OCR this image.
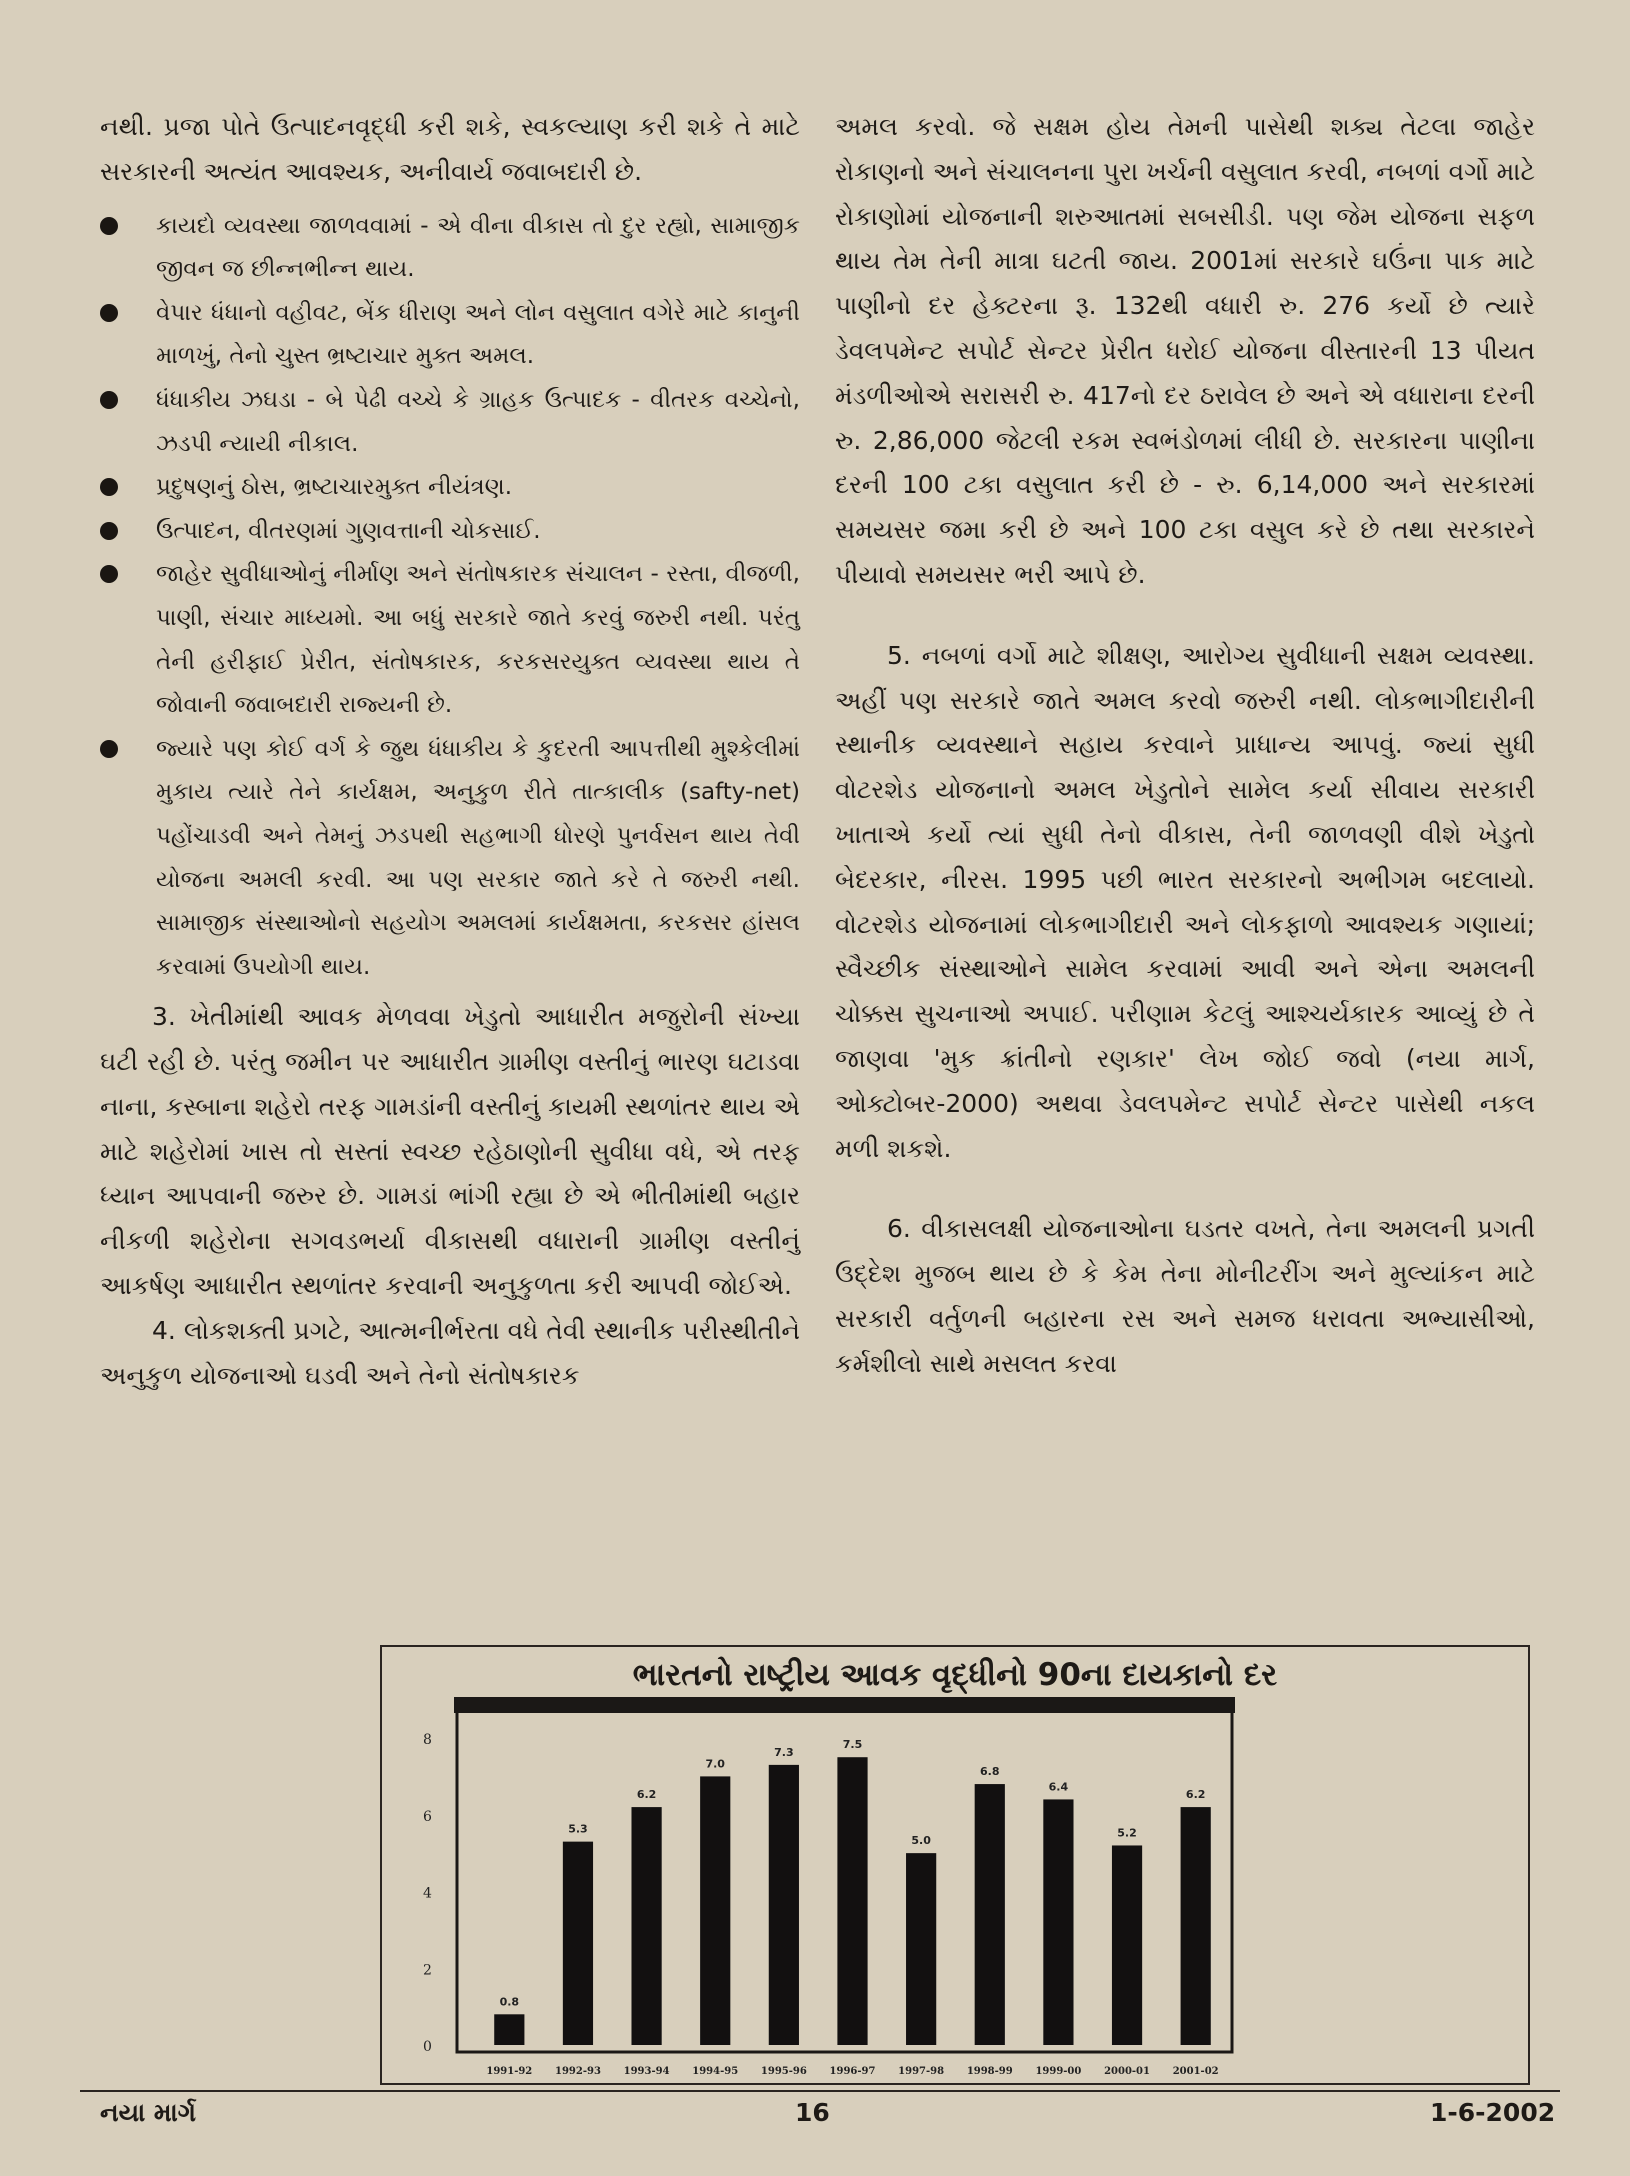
નથી. પ્રજા પોતે ઉત્પાદનવૃદ્ધી કરી શકે, સ્વકલ્યાણ કરી શકે તે માટે સરકારની અત્યંત આવશ્યક, અનીવાર્ય જવાબદારી છે.

કાયદો વ્યવસ્થા જાળવવામાં - એ વીના વીકાસ તો દુર રહ્યો, સામાજીક જીવન જ છીન્નભીન્ન થાય.
વેપાર ધંધાનો વહીવટ, બેંક ધીરાણ અને લોન વસુલાત વગેરે માટે કાનુની માળખું, તેનો ચુસ્ત ભ્રષ્ટાચાર મુક્ત અમલ.
ધંધાકીય ઝઘડા - બે પેઢી વચ્ચે કે ગ્રાહક ઉત્પાદક - વીતરક વચ્ચેનો, ઝડપી ન્યાયી નીકાલ.
પ્રદુષણનું ઠોસ, ભ્રષ્ટાચારમુક્ત નીયંત્રણ.
ઉત્પાદન, વીતરણમાં ગુણવત્તાની ચોકસાઈ.
જાહેર સુવીધાઓનું નીર્માણ અને સંતોષકારક સંચાલન - રસ્તા, વીજળી, પાણી, સંચાર માધ્યમો. આ બધું સરકારે જાતે કરવું જરુરી નથી. પરંતુ તેની હરીફાઈ પ્રેરીત, સંતોષકારક, કરકસરયુક્ત વ્યવસ્થા થાય તે જોવાની જવાબદારી રાજ્યની છે.
જ્યારે પણ કોઈ વર્ગ કે જુથ ધંધાકીય કે કુદરતી આપત્તીથી મુશ્કેલીમાં મુકાય ત્યારે તેને કાર્યક્ષમ, અનુકુળ રીતે તાત્કાલીક (safty-net) પહોંચાડવી અને તેમનું ઝડપથી સહભાગી ધોરણે પુનર્વસન થાય તેવી યોજના અમલી કરવી. આ પણ સરકાર જાતે કરે તે જરુરી નથી. સામાજીક સંસ્થાઓનો સહયોગ અમલમાં કાર્યક્ષમતા, કરકસર હાંસલ કરવામાં ઉપયોગી થાય.

3. ખેતીમાંથી આવક મેળવવા ખેડુતો આધારીત મજુરોની સંખ્યા ઘટી રહી છે. પરંતુ જમીન પર આધારીત ગ્રામીણ વસ્તીનું ભારણ ઘટાડવા નાના, કસ્બાના શહેરો તરફ ગામડાંની વસ્તીનું કાયમી સ્થળાંતર થાય એ માટે શહેરોમાં ખાસ તો સસ્તાં સ્વચ્છ રહેઠાણોની સુવીધા વધે, એ તરફ ધ્યાન આપવાની જરુર છે. ગામડાં ભાંગી રહ્યા છે એ ભીતીમાંથી બહાર નીકળી શહેરોના સગવડભર્યા વીકાસથી વધારાની ગ્રામીણ વસ્તીનું આકર્ષણ આધારીત સ્થળાંતર કરવાની અનુકુળતા કરી આપવી જોઈએ.

4. લોકશક્તી પ્રગટે, આત્મનીર્ભરતા વધે તેવી સ્થાનીક પરીસ્થીતીને અનુકુળ યોજનાઓ ઘડવી અને તેનો સંતોષકારક

અમલ કરવો. જે સક્ષમ હોય તેમની પાસેથી શક્ય તેટલા જાહેર રોકાણનો અને સંચાલનના પુરા ખર્ચની વસુલાત કરવી, નબળાં વર્ગો માટે રોકાણોમાં યોજનાની શરુઆતમાં સબસીડી. પણ જેમ યોજના સફળ થાય તેમ તેની માત્રા ઘટતી જાય. 2001માં સરકારે ઘઉંના પાક માટે પાણીનો દર હેક્ટરના રૂ. 132થી વધારી રુ. 276 કર્યો છે ત્યારે ડેવલપમેન્ટ સપોર્ટ સેન્ટર પ્રેરીત ધરોઈ યોજના વીસ્તારની 13 પીયત મંડળીઓએ સરાસરી રુ. 417નો દર ઠરાવેલ છે અને એ વધારાના દરની રુ. 2,86,000 જેટલી રકમ સ્વભંડોળમાં લીધી છે. સરકારના પાણીના દરની 100 ટકા વસુલાત કરી છે - રુ. 6,14,000 અને સરકારમાં સમયસર જમા કરી છે અને 100 ટકા વસુલ કરે છે તથા સરકારને પીયાવો સમયસર ભરી આપે છે.

5. નબળાં વર્ગો માટે શીક્ષણ, આરોગ્ય સુવીધાની સક્ષમ વ્યવસ્થા. અહીં પણ સરકારે જાતે અમલ કરવો જરુરી નથી. લોકભાગીદારીની સ્થાનીક વ્યવસ્થાને સહાય કરવાને પ્રાધાન્ય આપવું. જ્યાં સુધી વોટરશેડ યોજનાનો અમલ ખેડુતોને સામેલ કર્યા સીવાય સરકારી ખાતાએ કર્યો ત્યાં સુધી તેનો વીકાસ, તેની જાળવણી વીશે ખેડુતો બેદરકાર, નીરસ. 1995 પછી ભારત સરકારનો અભીગમ બદલાયો. વોટરશેડ યોજનામાં લોકભાગીદારી અને લોકફાળો આવશ્યક ગણાયાં; સ્વૈચ્છીક સંસ્થાઓને સામેલ કરવામાં આવી અને એના અમલની ચોક્કસ સુચનાઓ અપાઈ. પરીણામ કેટલું આશ્ચર્યકારક આવ્યું છે તે જાણવા 'મુક ક્રાંતીનો રણકાર' લેખ જોઈ જવો (નયા માર્ગ, ઓક્ટોબર-2000) અથવા ડેવલપમેન્ટ સપોર્ટ સેન્ટર પાસેથી નકલ મળી શકશે.

6. વીકાસલક્ષી યોજનાઓના ઘડતર વખતે, તેના અમલની પ્રગતી ઉદ્દેશ મુજબ થાય છે કે કેમ તેના મોનીટરીંગ અને મુલ્યાંકન માટે સરકારી વર્તુળની બહારના રસ અને સમજ ધરાવતા અભ્યાસીઓ, કર્મશીલો સાથે મસલત કરવા

ભારતનો રાષ્ટ્રીય આવક વૃદ્ધીનો 90ના દાયકાનો દર
0
2
4
6
8
0.8
1991-92
5.3
1992-93
6.2
1993-94
7.0
1994-95
7.3
1995-96
7.5
1996-97
5.0
1997-98
6.8
1998-99
6.4
1999-00
5.2
2000-01
6.2
2001-02
નયા માર્ગ	16	1-6-2002
